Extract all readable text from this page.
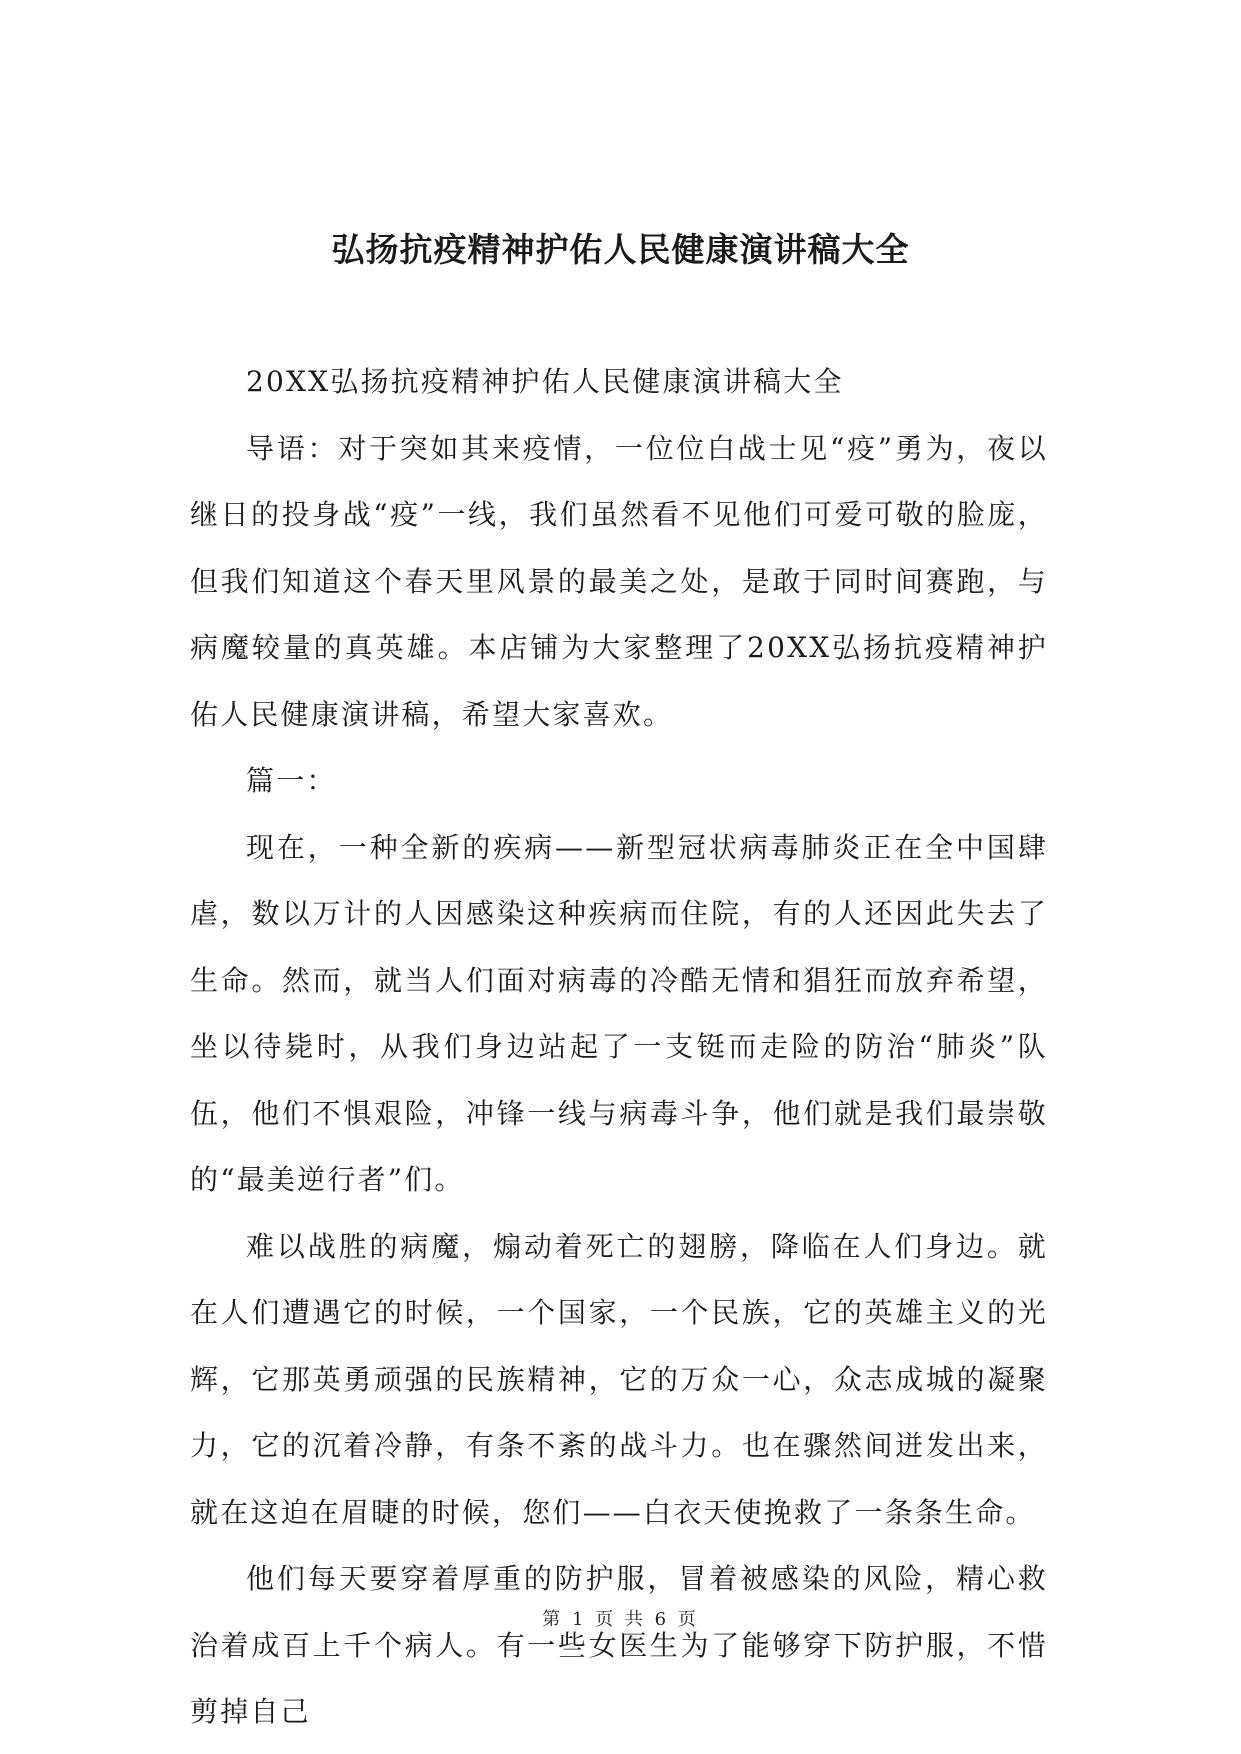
弘扬抗疫精神护佑人民健康演讲稿大全

20XX弘扬抗疫精神护佑人民健康演讲稿大全

导语：对于突如其来疫情，一位位白战士见“疫”勇为，夜以继日的投身战“疫”一线，我们虽然看不见他们可爱可敬的脸庞，但我们知道这个春天里风景的最美之处，是敢于同时间赛跑，与病魔较量的真英雄。本店铺为大家整理了20XX弘扬抗疫精神护佑人民健康演讲稿，希望大家喜欢。

篇一：

现在，一种全新的疾病——新型冠状病毒肺炎正在全中国肆虐，数以万计的人因感染这种疾病而住院，有的人还因此失去了生命。然而，就当人们面对病毒的冷酷无情和猖狂而放弃希望，坐以待毙时，从我们身边站起了一支铤而走险的防治“肺炎”队伍，他们不惧艰险，冲锋一线与病毒斗争，他们就是我们最崇敬的“最美逆行者”们。

难以战胜的病魔，煽动着死亡的翅膀，降临在人们身边。就在人们遭遇它的时候，一个国家，一个民族，它的英雄主义的光辉，它那英勇顽强的民族精神，它的万众一心，众志成城的凝聚力，它的沉着冷静，有条不紊的战斗力。也在骤然间迸发出来，就在这迫在眉睫的时候，您们——白衣天使挽救了一条条生命。

他们每天要穿着厚重的防护服，冒着被感染的风险，精心救治着成百上千个病人。有一些女医生为了能够穿下防护服，不惜剪掉自己

第 1 页 共 6 页
